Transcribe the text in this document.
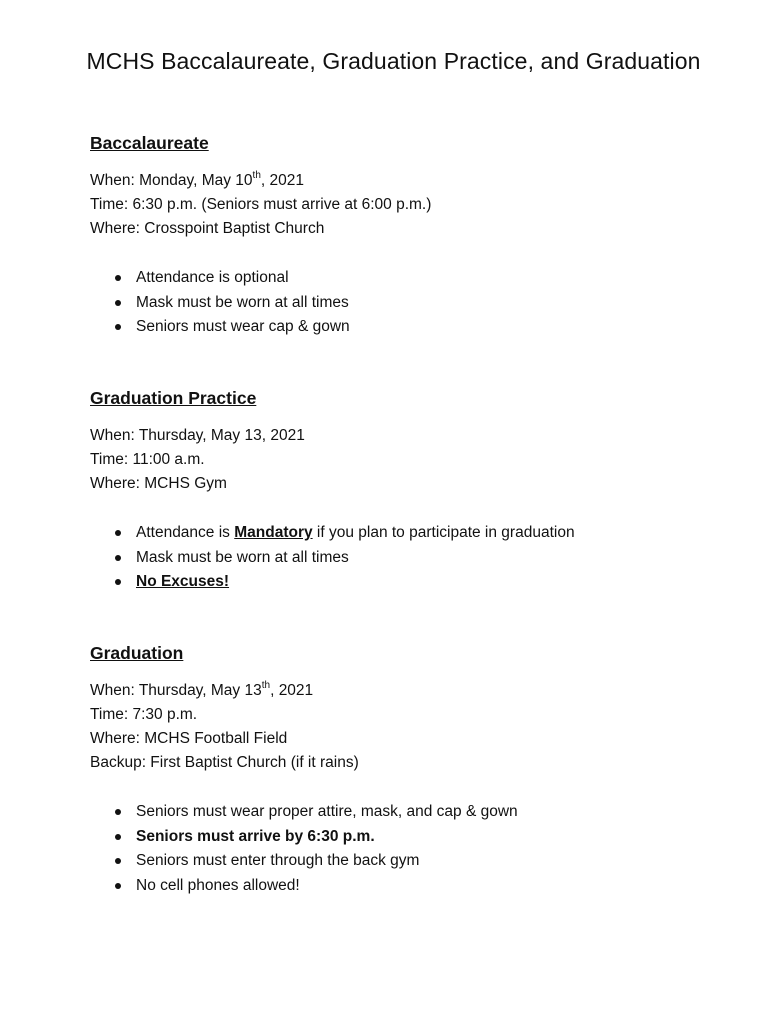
MCHS Baccalaureate, Graduation Practice, and Graduation
Baccalaureate

When: Monday, May 10th, 2021

Time: 6:30 p.m. (Seniors must arrive at 6:00 p.m.)

Where: Crosspoint Baptist Church

Attendance is optional
Mask must be worn at all times
Seniors must wear cap & gown
Graduation Practice

When: Thursday, May 13, 2021

Time: 11:00 a.m.

Where: MCHS Gym

Attendance is Mandatory if you plan to participate in graduation
Mask must be worn at all times
No Excuses!
Graduation

When: Thursday, May 13th, 2021

Time: 7:30 p.m.

Where: MCHS Football Field

Backup: First Baptist Church (if it rains)

Seniors must wear proper attire, mask, and cap & gown
Seniors must arrive by 6:30 p.m.
Seniors must enter through the back gym
No cell phones allowed!
